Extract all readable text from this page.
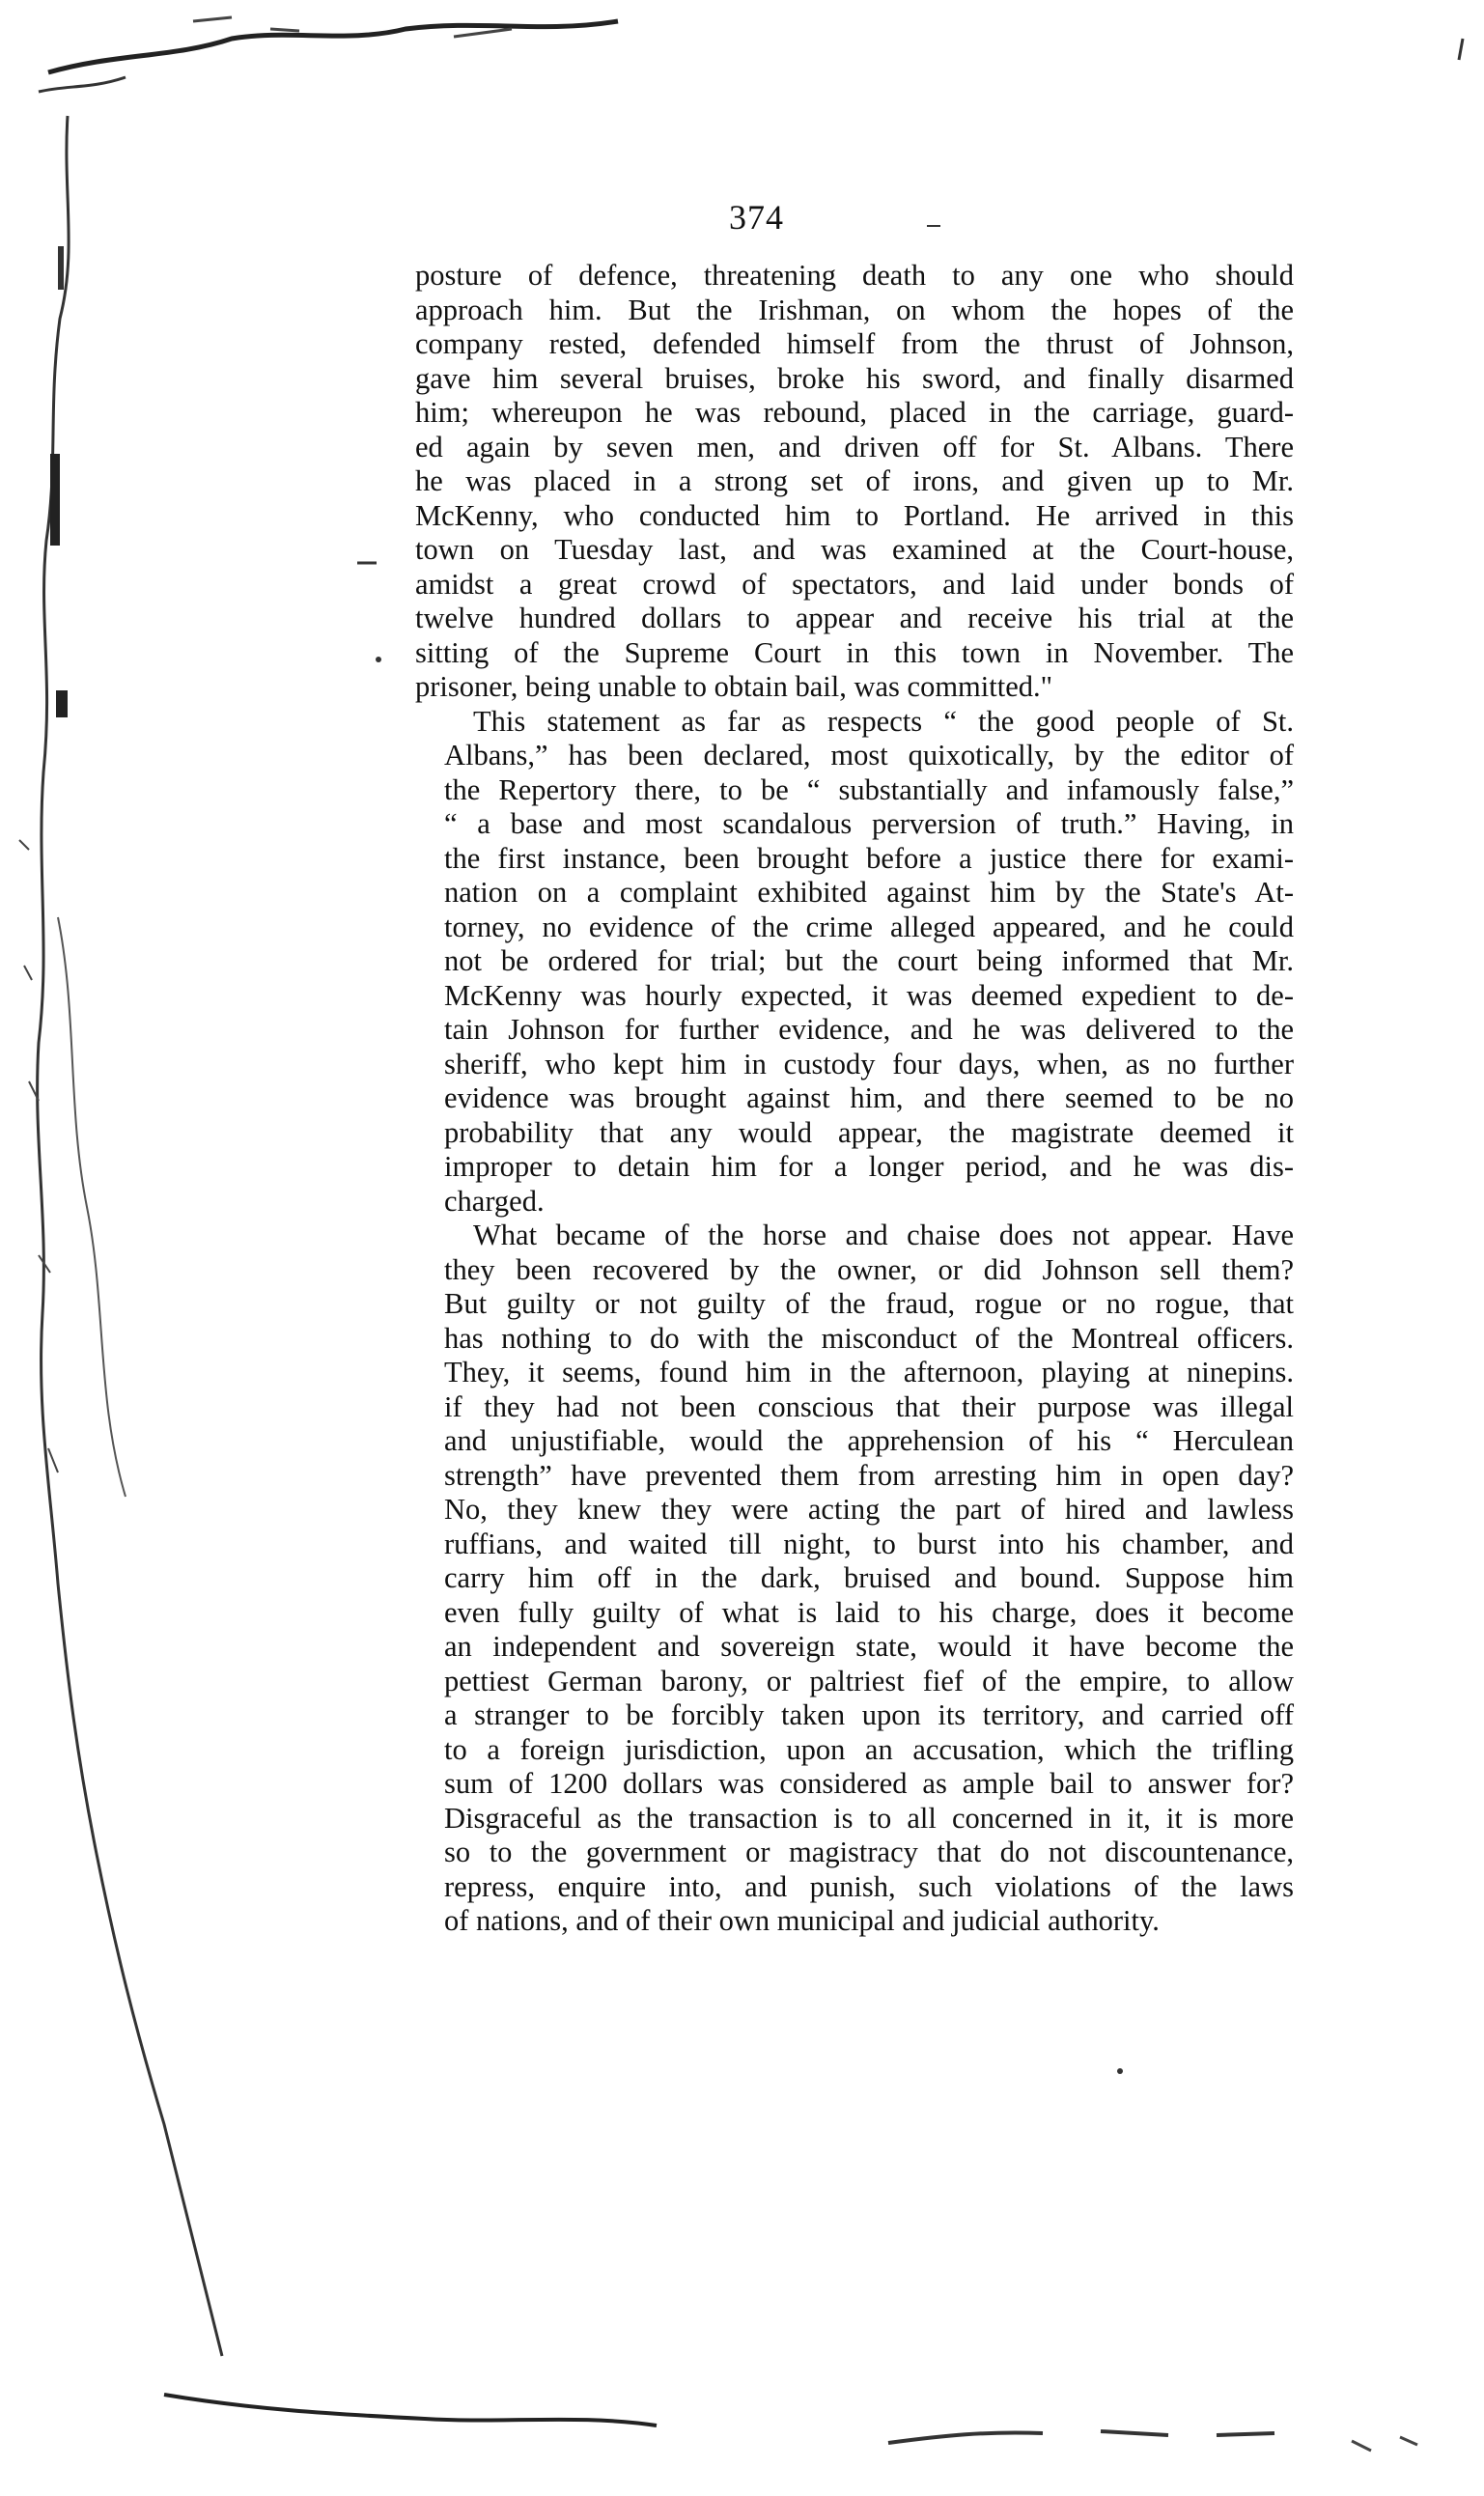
374

posture of defence, threatening death to any one who should
approach him. But the Irishman, on whom the hopes of the
company rested, defended himself from the thrust of Johnson,
gave him several bruises, broke his sword, and finally disarmed
him; whereupon he was rebound, placed in the carriage, guard-
ed again by seven men, and driven off for St. Albans. There
he was placed in a strong set of irons, and given up to Mr.
McKenny, who conducted him to Portland. He arrived in this
town on Tuesday last, and was examined at the Court-house,
amidst a great crowd of spectators, and laid under bonds of
twelve hundred dollars to appear and receive his trial at the
sitting of the Supreme Court in this town in November. The
prisoner, being unable to obtain bail, was committed."

This statement as far as respects “ the good people of St.
Albans,” has been declared, most quixotically, by the editor of
the Repertory there, to be “ substantially and infamously false,”
“ a base and most scandalous perversion of truth.” Having, in
the first instance, been brought before a justice there for exami-
nation on a complaint exhibited against him by the State's At-
torney, no evidence of the crime alleged appeared, and he could
not be ordered for trial; but the court being informed that Mr.
McKenny was hourly expected, it was deemed expedient to de-
tain Johnson for further evidence, and he was delivered to the
sheriff, who kept him in custody four days, when, as no further
evidence was brought against him, and there seemed to be no
probability that any would appear, the magistrate deemed it
improper to detain him for a longer period, and he was dis-
charged.

What became of the horse and chaise does not appear. Have
they been recovered by the owner, or did Johnson sell them?
But guilty or not guilty of the fraud, rogue or no rogue, that
has nothing to do with the misconduct of the Montreal officers.
They, it seems, found him in the afternoon, playing at ninepins.
if they had not been conscious that their purpose was illegal
and unjustifiable, would the apprehension of his “ Herculean
strength” have prevented them from arresting him in open day?
No, they knew they were acting the part of hired and lawless
ruffians, and waited till night, to burst into his chamber, and
carry him off in the dark, bruised and bound. Suppose him
even fully guilty of what is laid to his charge, does it become
an independent and sovereign state, would it have become the
pettiest German barony, or paltriest fief of the empire, to allow
a stranger to be forcibly taken upon its territory, and carried off
to a foreign jurisdiction, upon an accusation, which the trifling
sum of 1200 dollars was considered as ample bail to answer for?
Disgraceful as the transaction is to all concerned in it, it is more
so to the government or magistracy that do not discountenance,
repress, enquire into, and punish, such violations of the laws
of nations, and of their own municipal and judicial authority.
